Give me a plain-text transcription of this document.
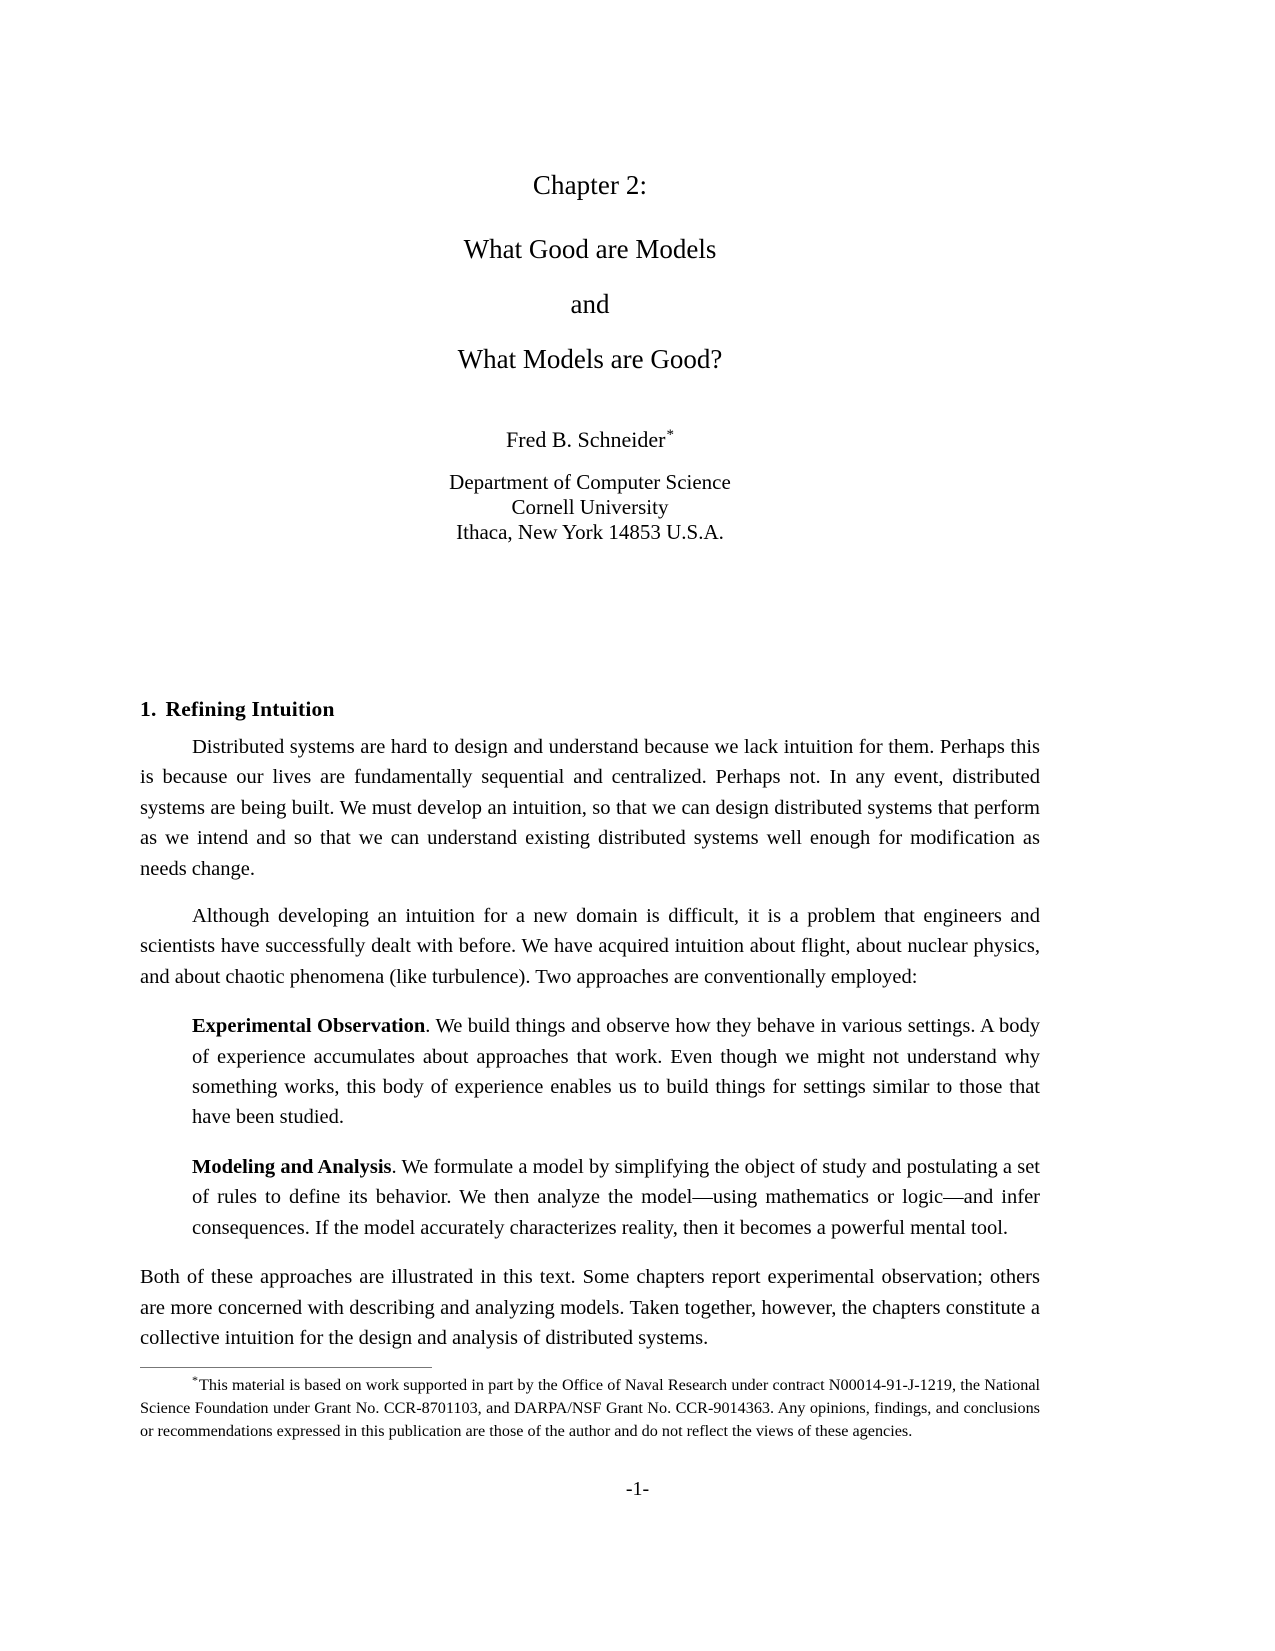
Chapter 2:
What Good are Models
and
What Models are Good?
Fred B. Schneider*
Department of Computer Science
Cornell University
Ithaca, New York 14853 U.S.A.
1. Refining Intuition

Distributed systems are hard to design and understand because we lack intuition for them. Perhaps this is because our lives are fundamentally sequential and centralized. Perhaps not. In any event, distributed systems are being built. We must develop an intuition, so that we can design distributed systems that perform as we intend and so that we can understand existing distributed systems well enough for modification as needs change.

Although developing an intuition for a new domain is difficult, it is a problem that engineers and scientists have successfully dealt with before. We have acquired intuition about flight, about nuclear physics, and about chaotic phenomena (like turbulence). Two approaches are conventionally employed:

Experimental Observation. We build things and observe how they behave in various settings. A body of experience accumulates about approaches that work. Even though we might not understand why something works, this body of experience enables us to build things for settings similar to those that have been studied.
Modeling and Analysis. We formulate a model by simplifying the object of study and postulating a set of rules to define its behavior. We then analyze the model—using mathematics or logic—and infer consequences. If the model accurately characterizes reality, then it becomes a powerful mental tool.

Both of these approaches are illustrated in this text. Some chapters report experimental observation; others are more concerned with describing and analyzing models. Taken together, however, the chapters constitute a collective intuition for the design and analysis of distributed systems.

*This material is based on work supported in part by the Office of Naval Research under contract N00014-91-J-1219, the National Science Foundation under Grant No. CCR-8701103, and DARPA/NSF Grant No. CCR-9014363. Any opinions, findings, and conclusions or recommendations expressed in this publication are those of the author and do not reflect the views of these agencies.
-1-
